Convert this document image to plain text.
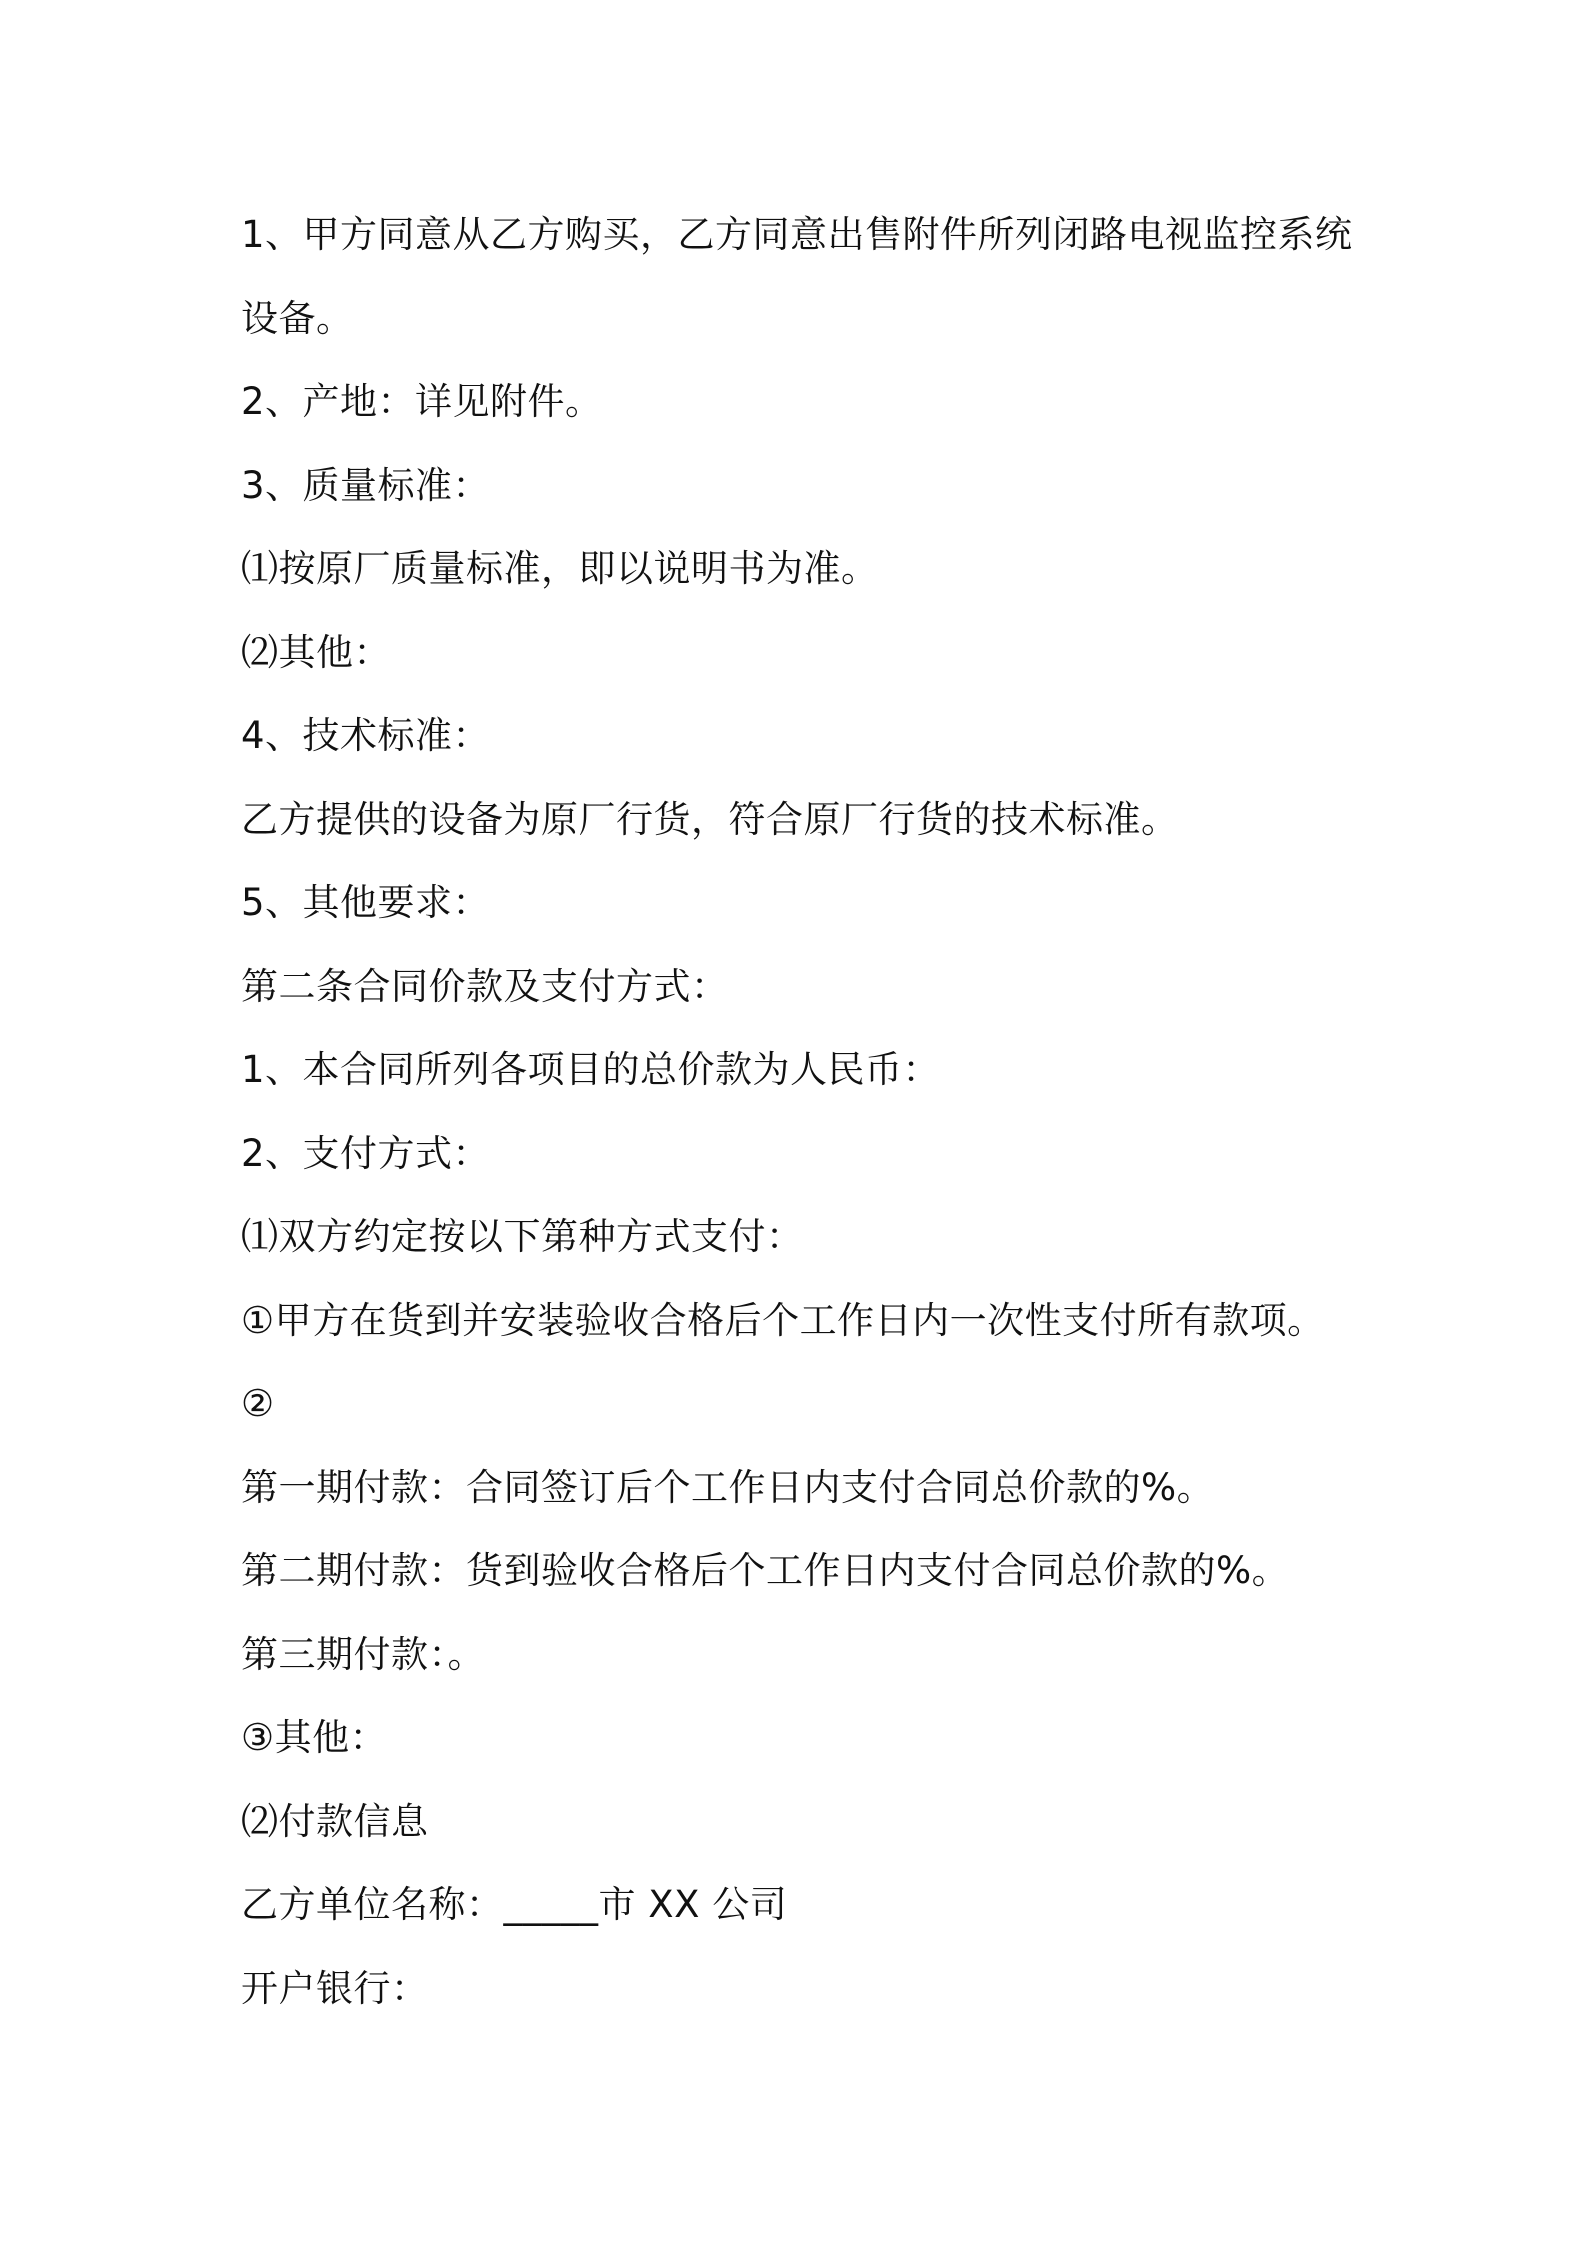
1、甲方同意从乙方购买，乙方同意出售附件所列闭路电视监控系统
设备。
2、产地：详见附件。
3、质量标准：
⑴按原厂质量标准，即以说明书为准。
⑵其他：
4、技术标准：
乙方提供的设备为原厂行货，符合原厂行货的技术标准。
5、其他要求：
第二条合同价款及支付方式：
1、本合同所列各项目的总价款为人民币：
2、支付方式：
⑴双方约定按以下第种方式支付：
①甲方在货到并安装验收合格后个工作日内一次性支付所有款项。
②
第一期付款：合同签订后个工作日内支付合同总价款的%。
第二期付款：货到验收合格后个工作日内支付合同总价款的%。
第三期付款：。
③其他：
⑵付款信息
乙方单位名称：_____市 XX 公司
开户银行：
